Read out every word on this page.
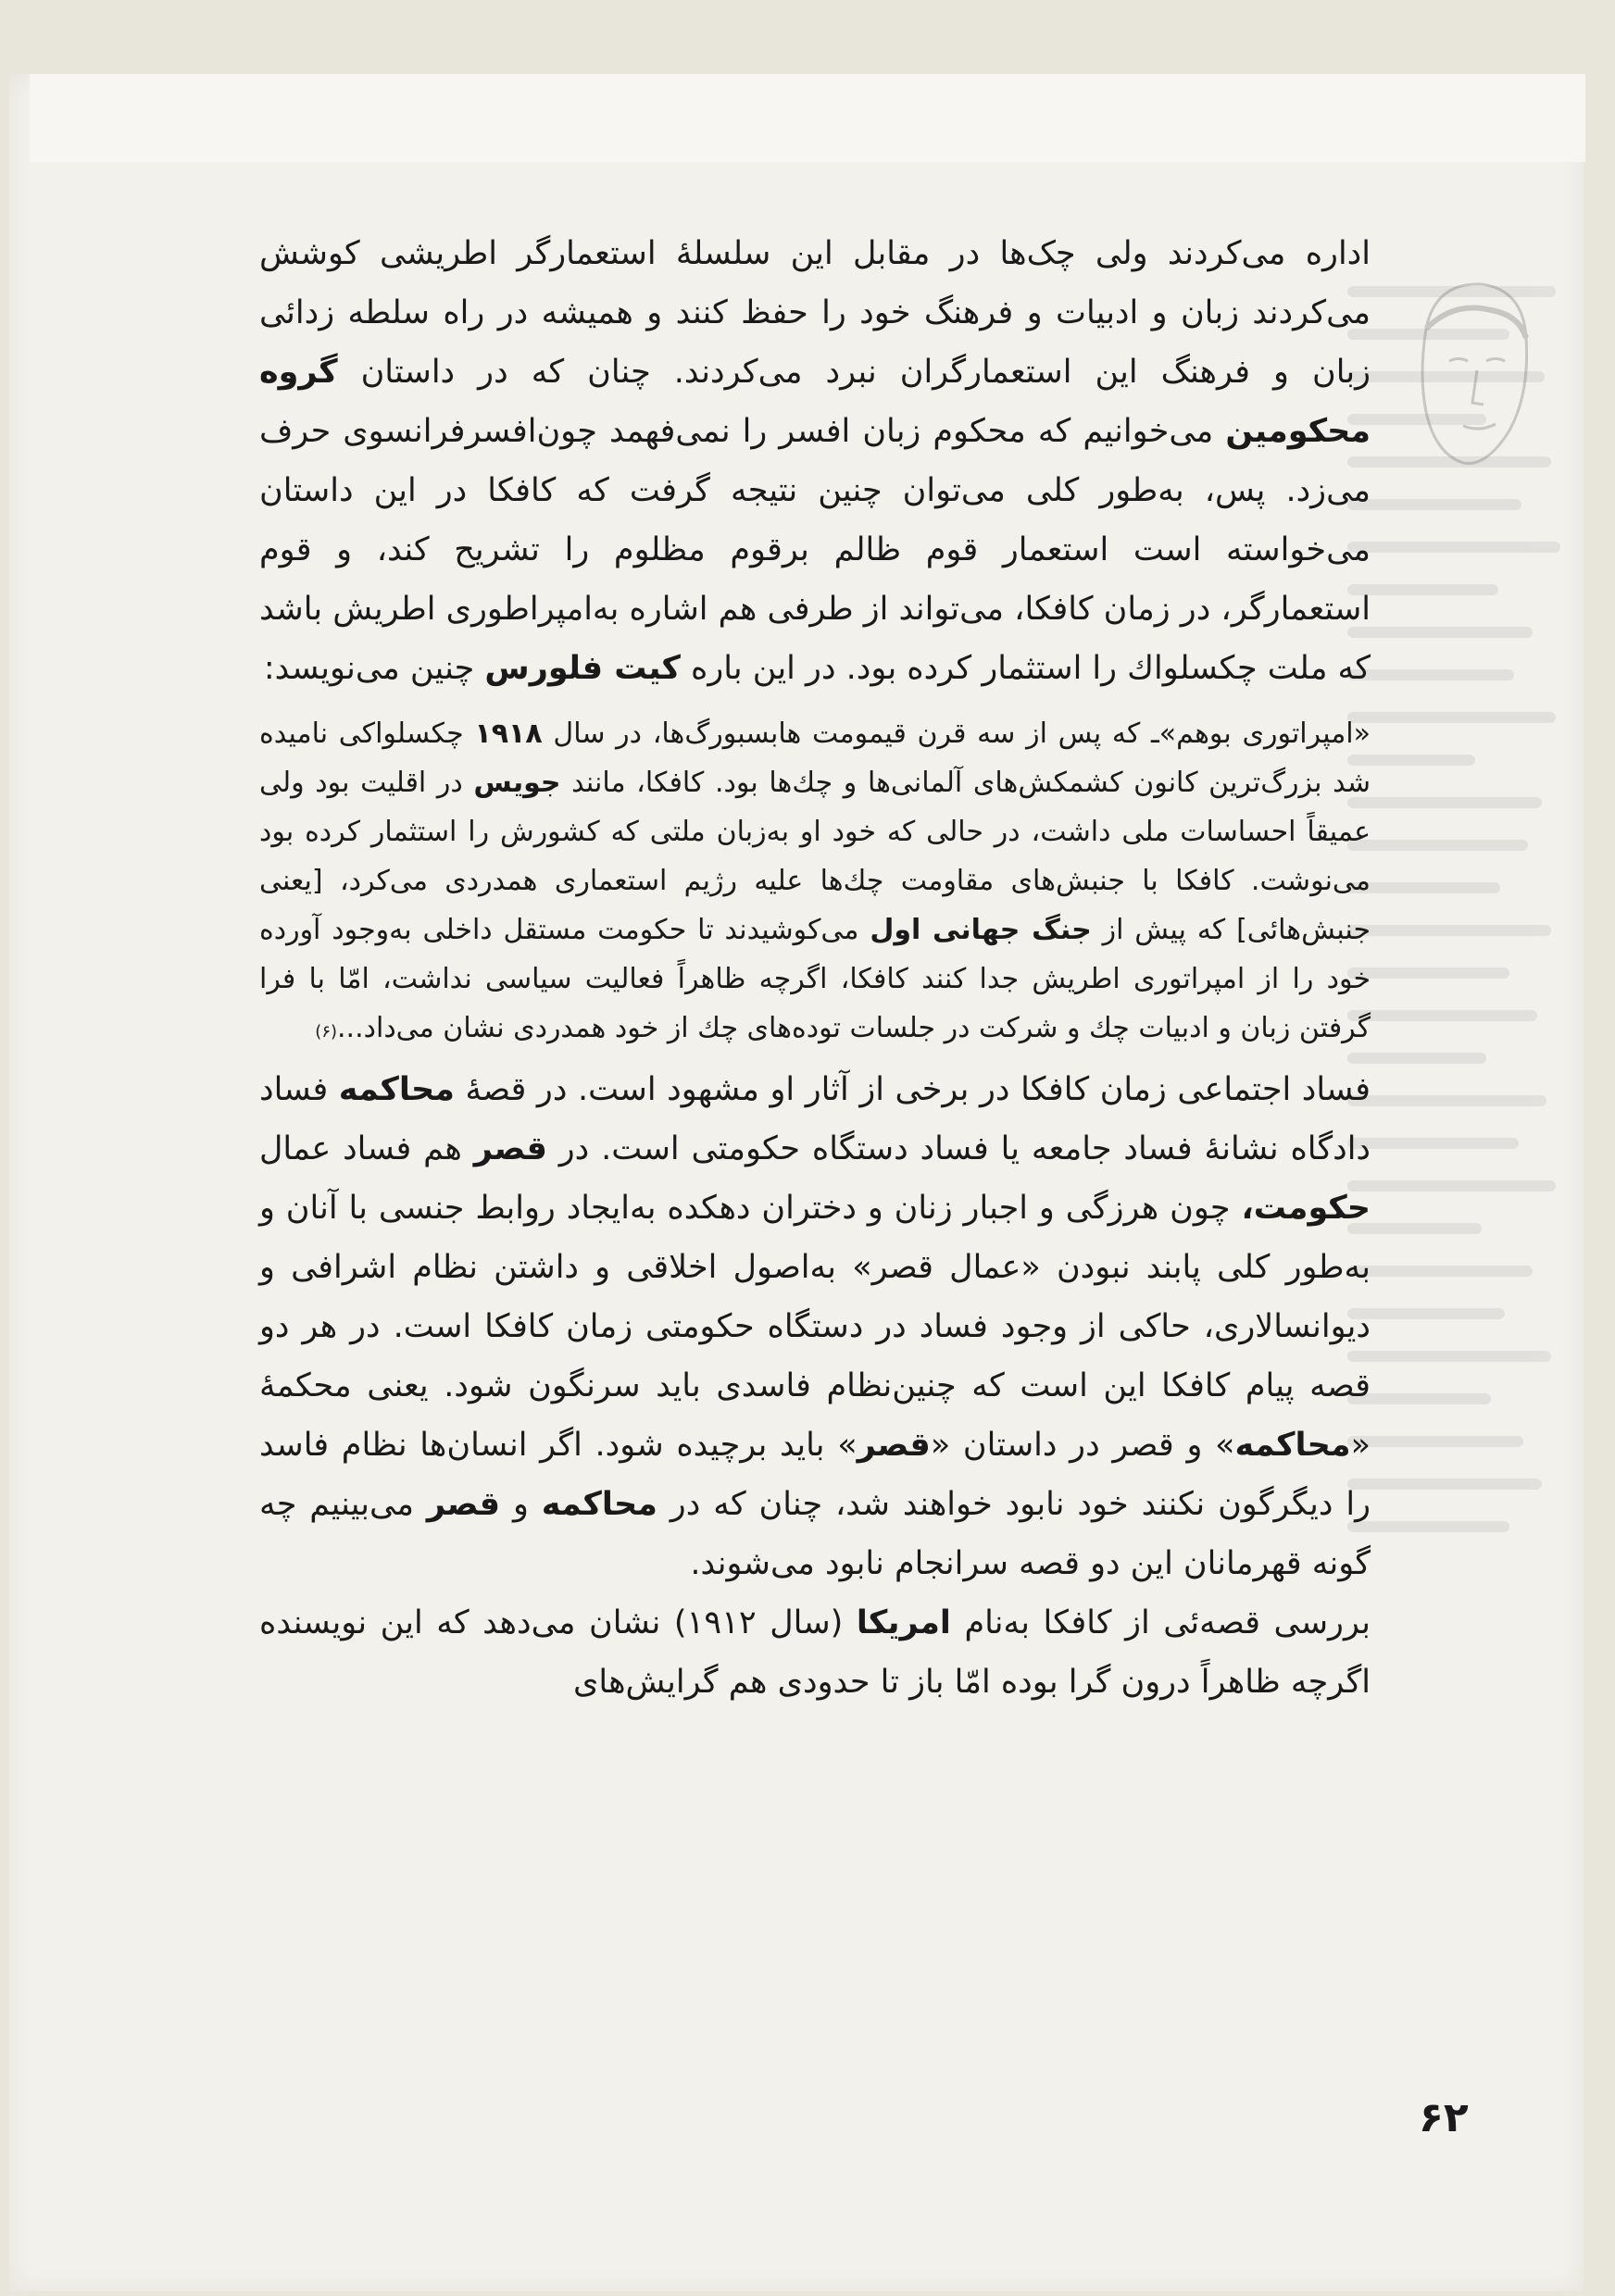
اداره می‌کردند ولی چک‌ها در مقابل این سلسلهٔ استعمارگر اطریشی کوشش می‌کردند زبان و ادبیات و فرهنگ خود را حفظ کنند و همیشه در راه سلطه زدائی زبان و فرهنگ این استعمارگران نبرد می‌کردند. چنان که در داستان گروه محکومین می‌خوانیم که محکوم زبان افسر را نمی‌فهمد چون‌افسرفرانسوی حرف می‌زد. پس، به‌طور کلی می‌توان چنین نتیجه گرفت که کافکا در این داستان می‌خواسته است استعمار قوم ظالم برقوم مظلوم را تشریح کند، و قوم استعمارگر، در زمان کافکا، می‌تواند از طرفی هم اشاره به‌امپراطوری اطریش باشد که ملت چکسلواك را استثمار کرده بود. در این باره کیت فلورس چنین می‌نویسد:

«امپراتوری بوهم»ـ که پس از سه قرن قیمومت هابسبورگ‌ها، در سال ۱۹۱۸ چکسلواکی نامیده شد بزرگ‌ترین کانون کشمکش‌های آلمانی‌ها و چك‌ها بود. کافکا، مانند جویس در اقلیت بود ولی عمیقاً احساسات ملی داشت، در حالی که خود او به‌زبان ملتی که کشورش را استثمار کرده بود می‌نوشت. کافکا با جنبش‌های مقاومت چك‌ها علیه رژیم استعماری همدردی می‌کرد، [یعنی جنبش‌هائی] که پیش از جنگ جهانی اول می‌کوشیدند تا حکومت مستقل داخلی به‌وجود آورده خود را از امپراتوری اطریش جدا کنند کافکا، اگرچه ظاهراً فعالیت سیاسی نداشت، امّا با فرا گرفتن زبان و ادبیات چك و شرکت در جلسات توده‌های چك از خود همدردی نشان می‌داد...(۶)

فساد اجتماعی زمان کافکا در برخی از آثار او مشهود است. در قصهٔ محاکمه فساد دادگاه نشانهٔ فساد جامعه یا فساد دستگاه حکومتی است. در قصر هم فساد عمال حکومت، چون هرزگی و اجبار زنان و دختران دهکده به‌ایجاد روابط جنسی با آنان و به‌طور کلی پابند نبودن «عمال قصر» به‌اصول اخلاقی و داشتن نظام اشرافی و دیوانسالاری، حاکی از وجود فساد در دستگاه حکومتی زمان کافکا است. در هر دو قصه پیام کافکا این است که چنین‌نظام فاسدی باید سرنگون شود. یعنی محکمهٔ «محاکمه» و قصر در داستان «قصر» باید برچیده شود. اگر انسان‌ها نظام فاسد را دیگرگون نکنند خود نابود خواهند شد، چنان که در محاکمه و قصر می‌بینیم چه گونه قهرمانان این دو قصه سرانجام نابود می‌شوند.

بررسی قصه‌ئی از کافکا به‌نام امریکا (سال ۱۹۱۲) نشان می‌دهد که این نویسنده اگرچه ظاهراً درون گرا بوده امّا باز تا حدودی هم گرایش‌های

۶۲
